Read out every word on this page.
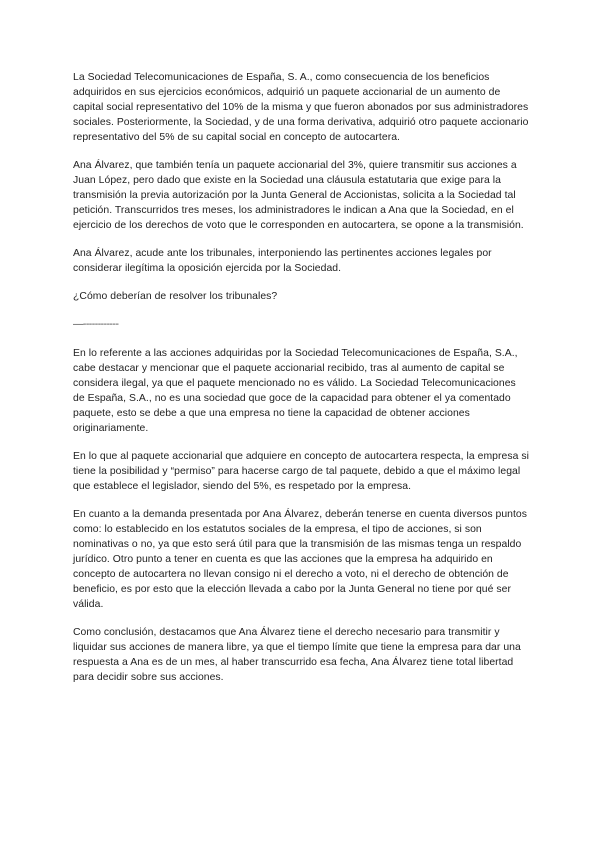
La Sociedad Telecomunicaciones de España, S. A., como consecuencia de los beneficios adquiridos en sus ejercicios económicos, adquirió un paquete accionarial de un aumento de capital social representativo del 10% de la misma y que fueron abonados por sus administradores sociales. Posteriormente, la Sociedad, y de una forma derivativa, adquirió otro paquete accionario representativo del 5% de su capital social en concepto de autocartera.

Ana Álvarez, que también tenía un paquete accionarial del 3%, quiere transmitir sus acciones a Juan López, pero dado que existe en la Sociedad una cláusula estatutaria que exige para la transmisión la previa autorización por la Junta General de Accionistas, solicita a la Sociedad tal petición. Transcurridos tres meses, los administradores le indican a Ana que la Sociedad, en el ejercicio de los derechos de voto que le corresponden en autocartera, se opone a la transmisión.

Ana Álvarez, acude ante los tribunales, interponiendo las pertinentes acciones legales por considerar ilegítima la oposición ejercida por la Sociedad.

¿Cómo deberían de resolver los tribunales?

—------------

En lo referente a las acciones adquiridas por la Sociedad Telecomunicaciones de España, S.A., cabe destacar y mencionar que el paquete accionarial recibido, tras al aumento de capital se considera ilegal, ya que el paquete mencionado no es válido. La Sociedad Telecomunicaciones de España, S.A., no es una sociedad que goce de la capacidad para obtener el ya comentado paquete, esto se debe a que una empresa no tiene la capacidad de obtener acciones originariamente.

En lo que al paquete accionarial que adquiere en concepto de autocartera respecta, la empresa si tiene la posibilidad y “permiso” para hacerse cargo de tal paquete, debido a que el máximo legal que establece el legislador, siendo del 5%, es respetado por la empresa.

En cuanto a la demanda presentada por Ana Álvarez, deberán tenerse en cuenta diversos puntos como: lo establecido en los estatutos sociales de la empresa, el tipo de acciones, si son nominativas o no, ya que esto será útil para que la transmisión de las mismas tenga un respaldo jurídico. Otro punto a tener en cuenta es que las acciones que la empresa ha adquirido en concepto de autocartera no llevan consigo ni el derecho a voto, ni el derecho de obtención de beneficio, es por esto que la elección llevada a cabo por la Junta General no tiene por qué ser válida.

Como conclusión, destacamos que Ana Álvarez tiene el derecho necesario para transmitir y liquidar sus acciones de manera libre, ya que el tiempo límite que tiene la empresa para dar una respuesta a Ana es de un mes, al haber transcurrido esa fecha, Ana Álvarez tiene total libertad para decidir sobre sus acciones.
